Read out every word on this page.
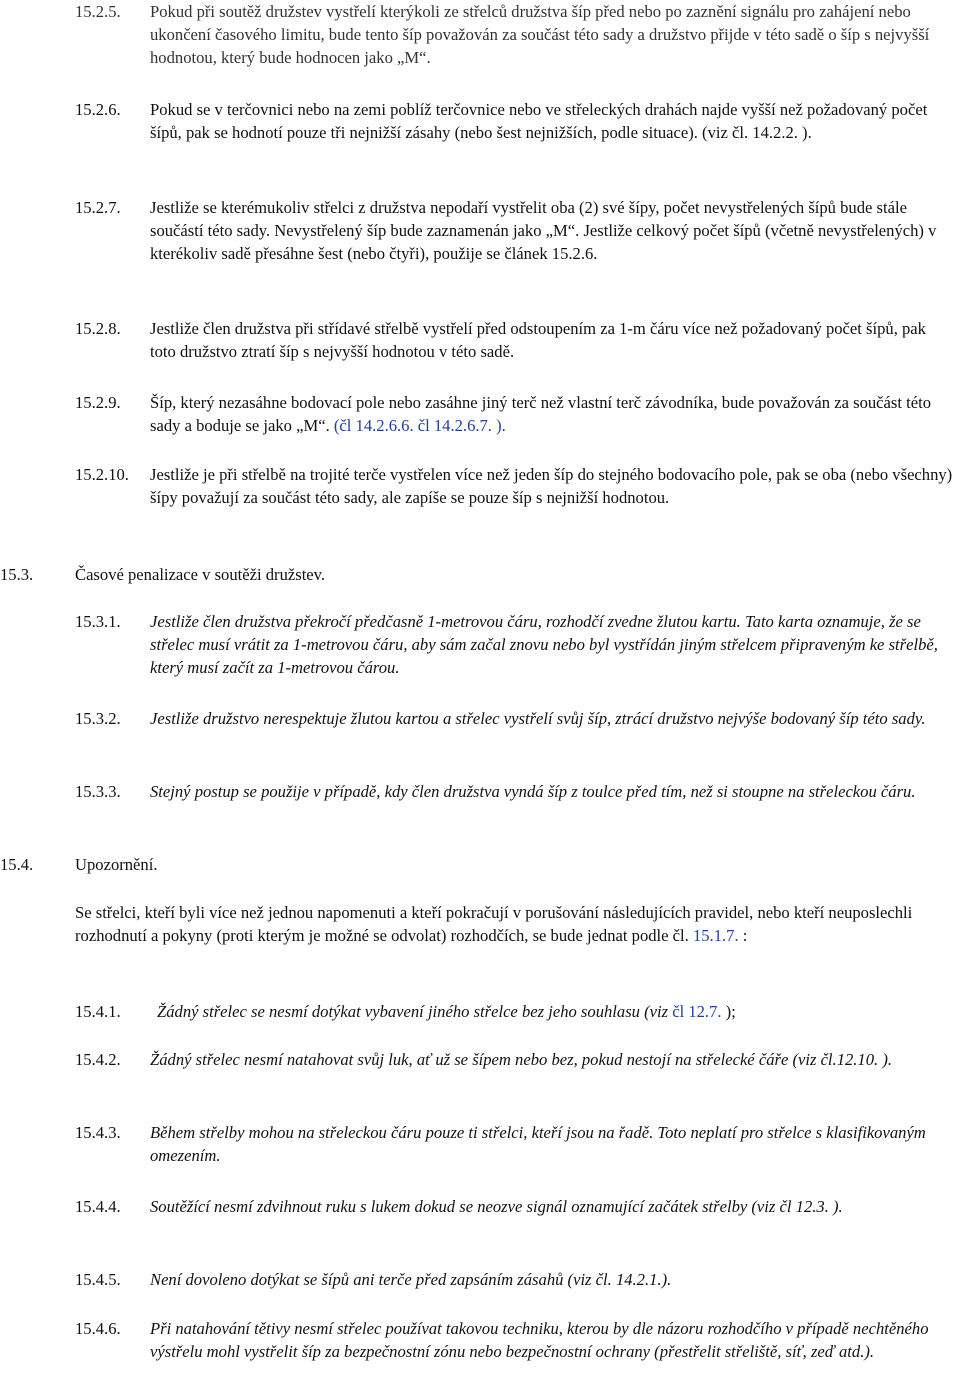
15.2.5. Pokud při soutěž družstev vystřelí kterýkoli ze střelců družstva šíp před nebo po zaznění signálu pro zahájení nebo ukončení časového limitu, bude tento šíp považován za součást této sady a družstvo přijde v této sadě o šíp s nejvyšší hodnotou, který bude hodnocen jako „M“.
15.2.6. Pokud se v terčovnici nebo na zemi poblíž terčovnice nebo ve střeleckých drahách najde vyšší než požadovaný počet šípů, pak se hodnotí pouze tři nejnižší zásahy (nebo šest nejnižších, podle situace). (viz čl. 14.2.2. ).
15.2.7. Jestliže se kterémukoliv střelci z družstva nepodaří vystřelit oba (2) své šípy, počet nevystřelených šípů bude stále součástí této sady. Nevystřelený šíp bude zaznamenán jako „M“. Jestliže celkový počet šípů (včetně nevystřelených) v kterékoliv sadě přesáhne šest (nebo čtyři), použije se článek 15.2.6.
15.2.8. Jestliže člen družstva při střídavé střelbě vystřelí před odstoupením za 1-m čáru více než požadovaný počet šípů, pak toto družstvo ztratí šíp s nejvyšší hodnotou v této sadě.
15.2.9. Šíp, který nezasáhne bodovací pole nebo zasáhne jiný terč než vlastní terč závodníka, bude považován za součást této sady a boduje se jako „M“. (čl 14.2.6.6. čl 14.2.6.7. ).
15.2.10. Jestliže je při střelbě na trojité terče vystřelen více než jeden šíp do stejného bodovacího pole, pak se oba (nebo všechny) šípy považují za součást této sady, ale zapíše se pouze šíp s nejnižší hodnotou.
15.3.	Časové penalizace v soutěži družstev.
15.3.1. Jestliže člen družstva překročí předčasně 1-metrovou čáru, rozhodčí zvedne žlutou kartu. Tato karta oznamuje, že se střelec musí vrátit za 1-metrovou čáru, aby sám začal znovu nebo byl vystřídán jiným střelcem připraveným ke střelbě, který musí začít za 1-metrovou čárou.
15.3.2. Jestliže družstvo nerespektuje žlutou kartou a střelec vystřelí svůj šíp, ztrácí družstvo nejvýše bodovaný šíp této sady.
15.3.3. Stejný postup se použije v případě, kdy člen družstva vyndá šíp z toulce před tím, než si stoupne na střeleckou čáru.
15.4.	Upozornění.
Se střelci, kteří byli více než jednou napomenuti a kteří pokračují v porušování následujících pravidel, nebo kteří neuposlechli rozhodnutí a pokyny (proti kterým je možné se odvolat) rozhodčích, se bude jednat podle čl. 15.1.7. :
15.4.1. Žádný střelec se nesmí dotýkat vybavení jiného střelce bez jeho souhlasu (viz čl 12.7. );
15.4.2. Žádný střelec nesmí natahovat svůj luk, ať už se šípem nebo bez, pokud nestojí na střelecké čáře (viz čl.12.10. ).
15.4.3. Během střelby mohou na střeleckou čáru pouze ti střelci, kteří jsou na řadě. Toto neplatí pro střelce s klasifikovaným omezením.
15.4.4. Soutěžící nesmí zdvihnout ruku s lukem dokud se neozve signál oznamující začátek střelby (viz čl 12.3. ).
15.4.5. Není dovoleno dotýkat se šípů ani terče před zapsáním zásahů (viz čl. 14.2.1.).
15.4.6. Při natahování tětivy nesmí střelec používat takovou techniku, kterou by dle názoru rozhodčího v případě nechtěného výstřelu mohl vystřelit šíp za bezpečnostní zónu nebo bezpečnostní ochrany (přestřelit střeliště, síť, zeď atd.).
